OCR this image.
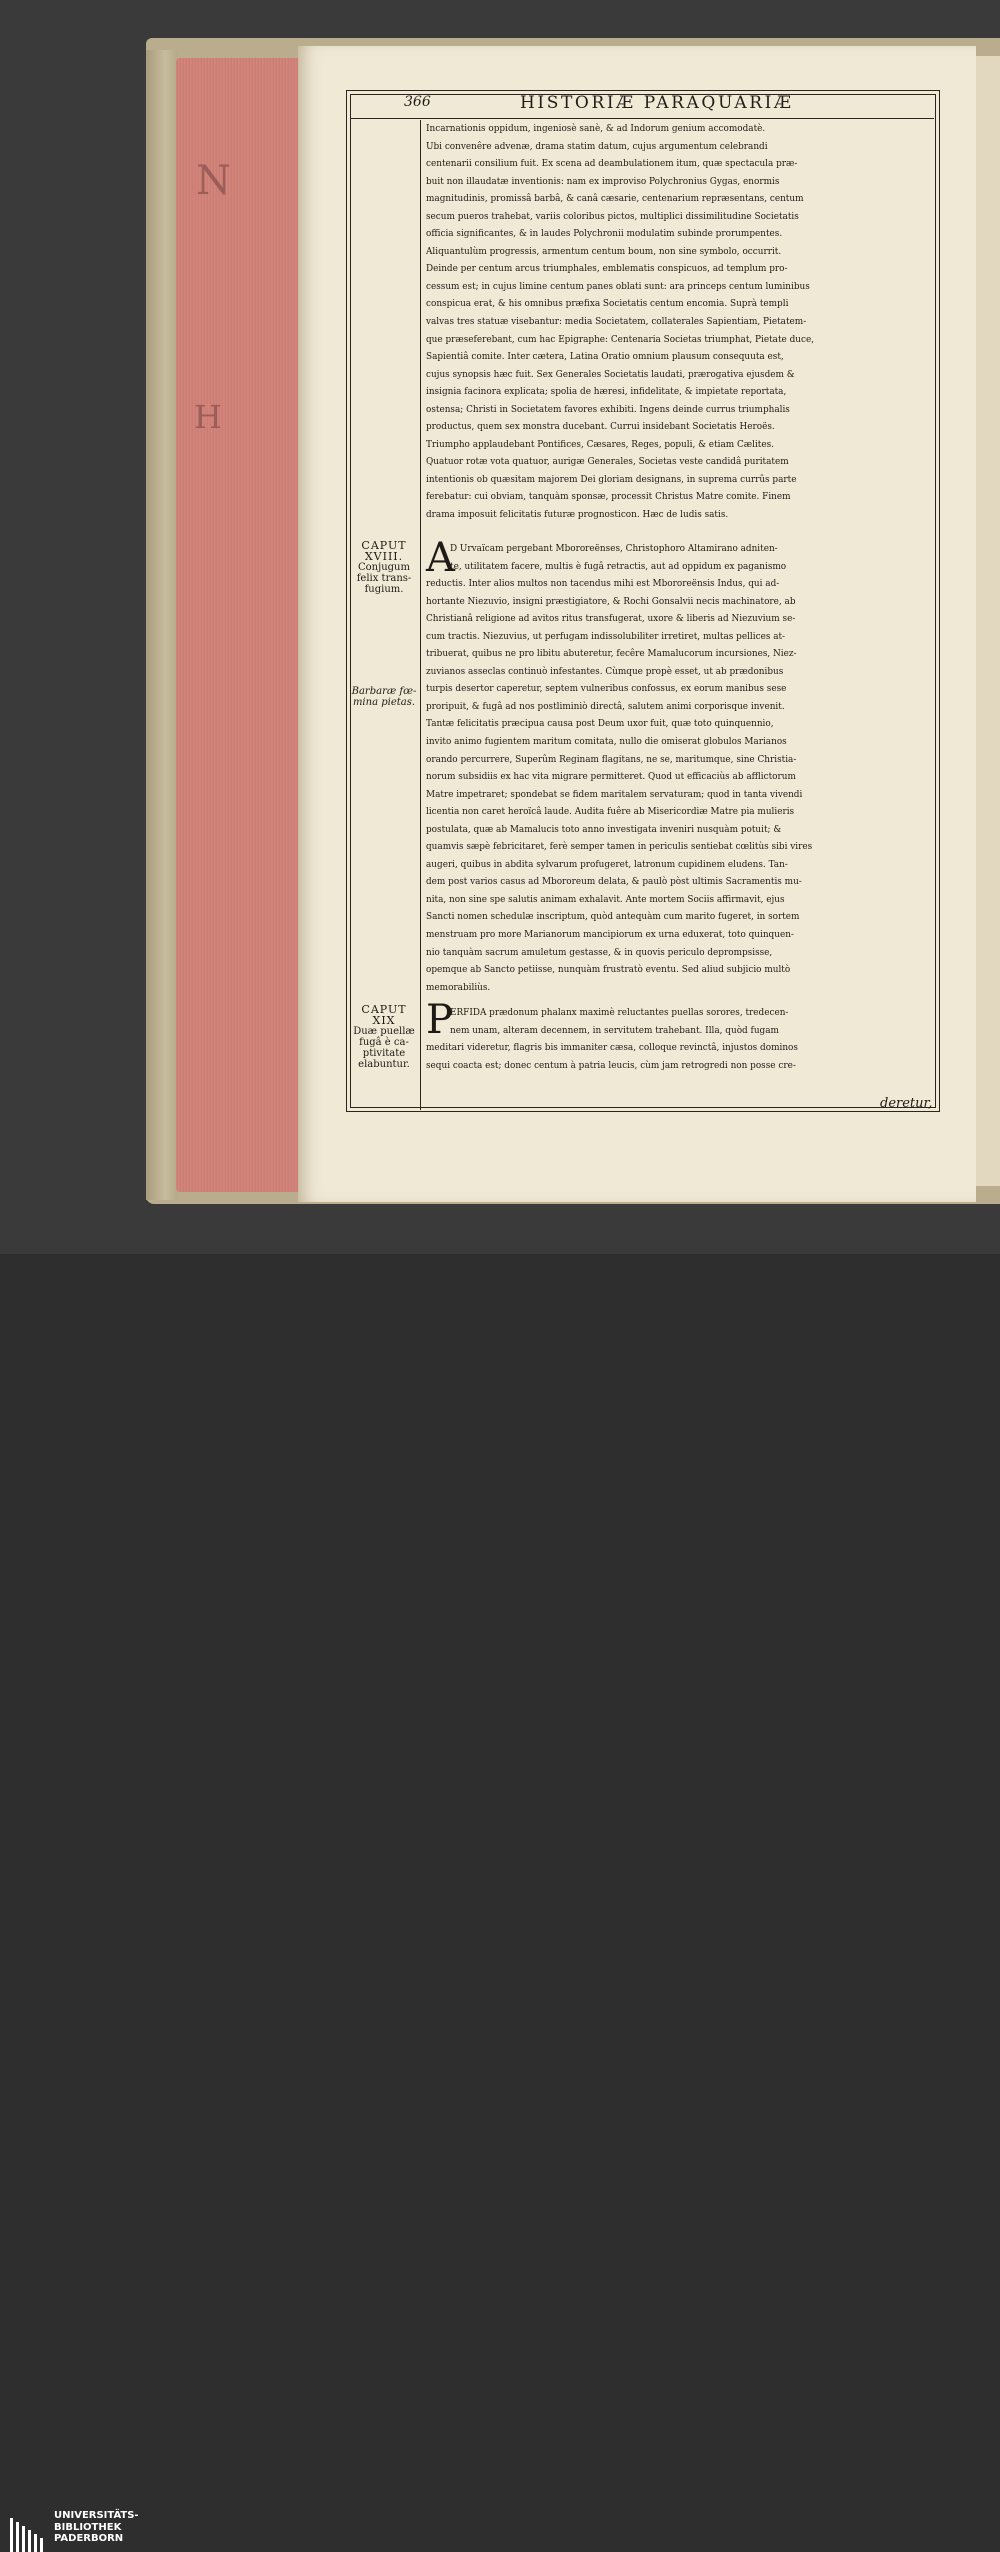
N
H
366	HISTORIÆ PARAQUARIÆ
Incarnationis oppidum, ingeniosè sanè, & ad Indorum genium accomodatè.
Ubi convenêre advenæ, drama statim datum, cujus argumentum celebrandi
centenarii consilium fuit. Ex scena ad deambulationem itum, quæ spectacula præ-
buit non illaudatæ inventionis: nam ex improviso Polychronius Gygas, enormis
magnitudinis, promissâ barbâ, & canâ cæsarie, centenarium repræsentans, centum
secum pueros trahebat, variis coloribus pictos, multiplici dissimilitudine Societatis
officia significantes, & in laudes Polychronii modulatim subinde prorumpentes.
Aliquantulùm progressis, armentum centum boum, non sine symbolo, occurrit.
Deinde per centum arcus triumphales, emblematis conspicuos, ad templum pro-
cessum est; in cujus limine centum panes oblati sunt: ara princeps centum luminibus
conspicua erat, & his omnibus præfixa Societatis centum encomia. Suprà templi
valvas tres statuæ visebantur: media Societatem, collaterales Sapientiam, Pietatem-
que præseferebant, cum hac Epigraphe: Centenaria Societas triumphat, Pietate duce,
Sapientiâ comite. Inter cætera, Latina Oratio omnium plausum consequuta est,
cujus synopsis hæc fuit. Sex Generales Societatis laudati, prærogativa ejusdem &
insignia facinora explicata; spolia de hæresi, infidelitate, & impietate reportata,
ostensa; Christi in Societatem favores exhibiti. Ingens deinde currus triumphalis
productus, quem sex monstra ducebant. Currui insidebant Societatis Heroës.
Triumpho applaudebant Pontifices, Cæsares, Reges, populi, & etiam Cælites.
Quatuor rotæ vota quatuor, aurigæ Generales, Societas veste candidâ puritatem
intentionis ob quæsitam majorem Dei gloriam designans, in suprema currûs parte
ferebatur: cui obviam, tanquàm sponsæ, processit Christus Matre comite. Finem
drama imposuit felicitatis futuræ prognosticon. Hæc de ludis satis.
A
D Urvaïcam pergebant Mbororeënses, Christophoro Altamirano adniten-
te, utilitatem facere, multis è fugâ retractis, aut ad oppidum ex paganismo
reductis. Inter alios multos non tacendus mihi est Mbororeënsis Indus, qui ad-
hortante Niezuvio, insigni præstigiatore, & Rochi Gonsalvii necis machinatore, ab
Christianâ religione ad avitos ritus transfugerat, uxore & liberis ad Niezuvium se-
cum tractis. Niezuvius, ut perfugam indissolubiliter irretiret, multas pellices at-
tribuerat, quibus ne pro libitu abuteretur, fecêre Mamalucorum incursiones, Niez-
zuvianos asseclas continuò infestantes. Cùmque propè esset, ut ab prædonibus
turpis desertor caperetur, septem vulneribus confossus, ex eorum manibus sese
proripuit, & fugâ ad nos postliminiò directâ, salutem animi corporisque invenit.
Tantæ felicitatis præcipua causa post Deum uxor fuit, quæ toto quinquennio,
invito animo fugientem maritum comitata, nullo die omiserat globulos Marianos
orando percurrere, Superûm Reginam flagitans, ne se, maritumque, sine Christia-
norum subsidiis ex hac vita migrare permitteret. Quod ut efficaciùs ab afflictorum
Matre impetraret; spondebat se fidem maritalem servaturam; quod in tanta vivendi
licentia non caret heroïcâ laude. Audita fuêre ab Misericordiæ Matre pia mulieris
postulata, quæ ab Mamalucis toto anno investigata inveniri nusquàm potuit; &
quamvis sæpè febricitaret, ferè semper tamen in periculis sentiebat cœlitùs sibi vires
augeri, quibus in abdita sylvarum profugeret, latronum cupidinem eludens. Tan-
dem post varios casus ad Mbororeum delata, & paulò pòst ultimis Sacramentis mu-
nita, non sine spe salutis animam exhalavit. Ante mortem Sociis affirmavit, ejus
Sancti nomen schedulæ inscriptum, quòd antequàm cum marito fugeret, in sortem
menstruam pro more Marianorum mancipiorum ex urna eduxerat, toto quinquen-
nio tanquàm sacrum amuletum gestasse, & in quovis periculo deprompsisse,
opemque ab Sancto petiisse, nunquàm frustratò eventu. Sed aliud subjicio multò
memorabiliùs.
P
ERFIDA prædonum phalanx maximè reluctantes puellas sorores, tredecen-
nem unam, alteram decennem, in servitutem trahebant. Illa, quòd fugam
meditari videretur, flagris bis immaniter cæsa, colloque revinctâ, injustos dominos
sequi coacta est; donec centum à patria leucis, cùm jam retrogredi non posse cre-
CAPUT
XVIII.
Conjugum
felix trans-
fugium.
Barbaræ fœ-
mina pietas.
CAPUT
XIX
Duæ puellæ
fugâ è ca-
ptivitate
elabuntur.
deretur,
UNIVERSITÄTS-
BIBLIOTHEK
PADERBORN
